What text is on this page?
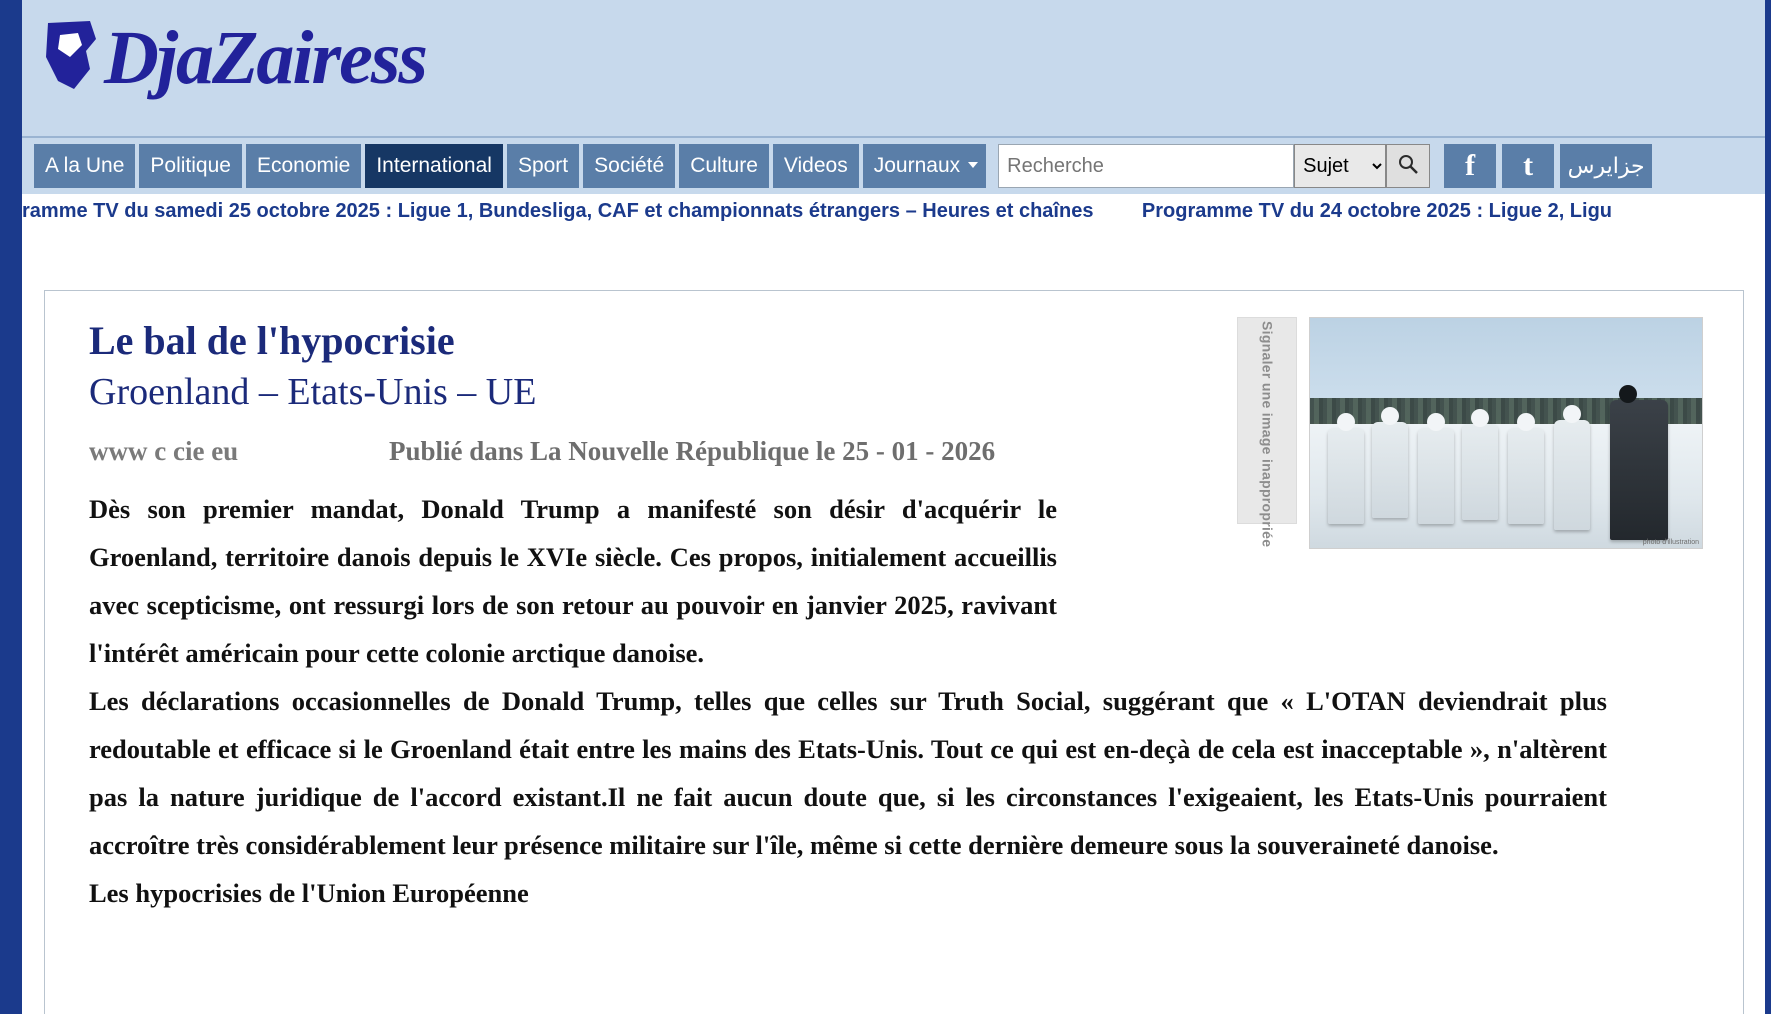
DjaZairess
A la Une	Politique	Economie	International	Sport	Société	Culture	Videos	Journaux
Recherche
Sujet	f	t	جزايرس
ramme TV du samedi 25 octobre 2025 : Ligue 1, Bundesliga, CAF et championnats étrangers – Heures et chaînes Programme TV du 24 octobre 2025 : Ligue 2, Ligu
Signaler une image inappropriée	photo d'illustration
Le bal de l'hypocrisie
Groenland – Etats-Unis – UE
www c cie eu	Publié dans La Nouvelle République le 25 - 01 - 2026

Dès son premier mandat, Donald Trump a manifesté son désir d'acquérir le Groenland, territoire danois depuis le XVIe siècle. Ces propos, initialement accueillis avec scepticisme, ont ressurgi lors de son retour au pouvoir en janvier 2025, ravivant l'intérêt américain pour cette colonie arctique danoise.

Les déclarations occasionnelles de Donald Trump, telles que celles sur Truth Social, suggérant que « L'OTAN deviendrait plus redoutable et efficace si le Groenland était entre les mains des Etats-Unis. Tout ce qui est en-deçà de cela est inacceptable », n'altèrent pas la nature juridique de l'accord existant.Il ne fait aucun doute que, si les circonstances l'exigeaient, les Etats-Unis pourraient accroître très considérablement leur présence militaire sur l'île, même si cette dernière demeure sous la souveraineté danoise.

Les hypocrisies de l'Union Européenne
